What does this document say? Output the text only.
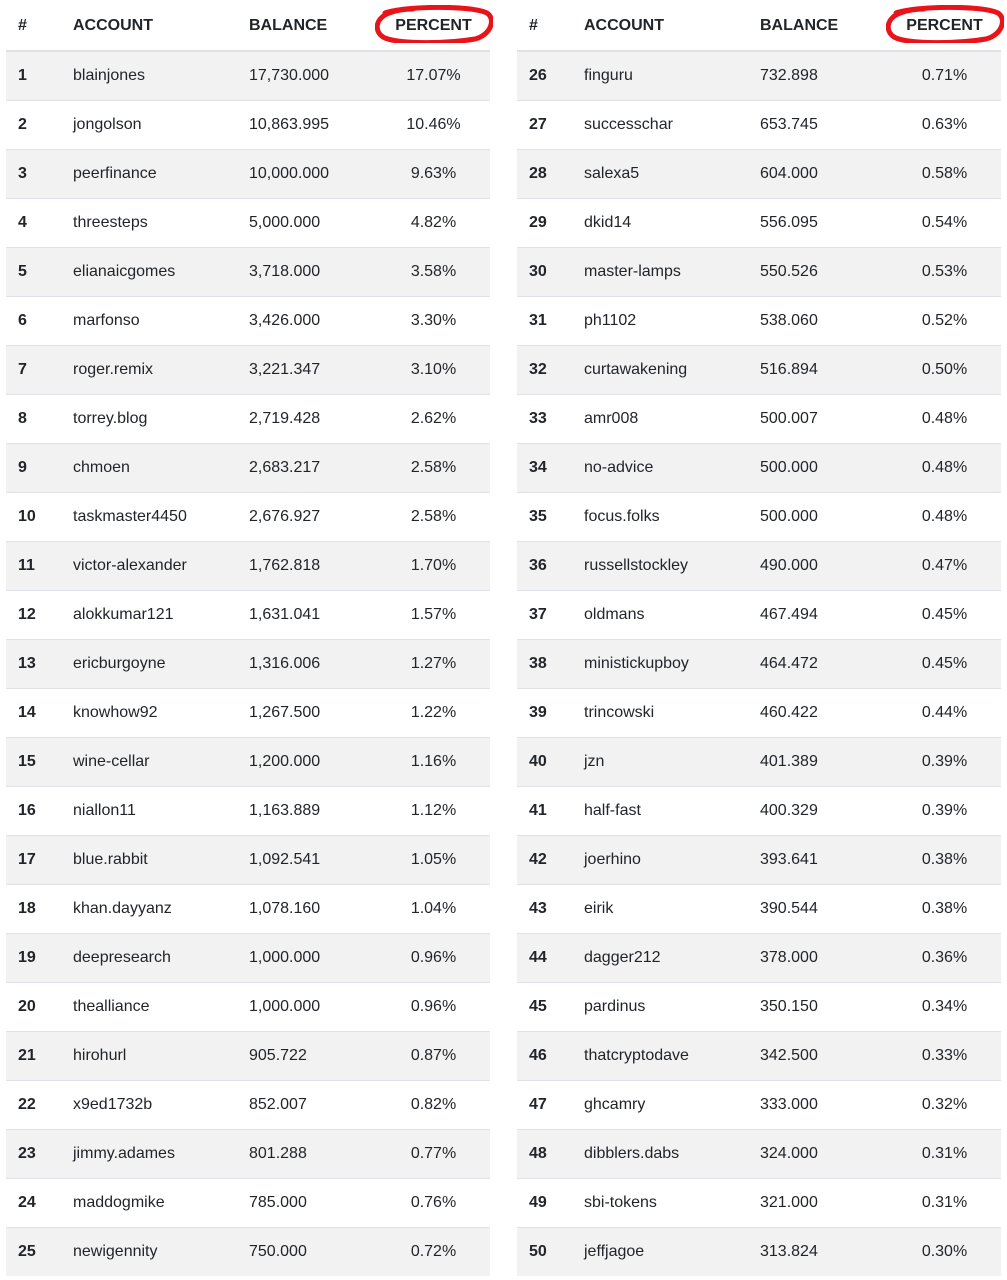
#	ACCOUNT	BALANCE	PERCENT

1	blainjones	17,730.000	17.07%
2	jongolson	10,863.995	10.46%
3	peerfinance	10,000.000	9.63%
4	threesteps	5,000.000	4.82%
5	elianaicgomes	3,718.000	3.58%
6	marfonso	3,426.000	3.30%
7	roger.remix	3,221.347	3.10%
8	torrey.blog	2,719.428	2.62%
9	chmoen	2,683.217	2.58%
10	taskmaster4450	2,676.927	2.58%
11	victor-alexander	1,762.818	1.70%
12	alokkumar121	1,631.041	1.57%
13	ericburgoyne	1,316.006	1.27%
14	knowhow92	1,267.500	1.22%
15	wine-cellar	1,200.000	1.16%
16	niallon11	1,163.889	1.12%
17	blue.rabbit	1,092.541	1.05%
18	khan.dayyanz	1,078.160	1.04%
19	deepresearch	1,000.000	0.96%
20	thealliance	1,000.000	0.96%
21	hirohurl	905.722	0.87%
22	x9ed1732b	852.007	0.82%
23	jimmy.adames	801.288	0.77%
24	maddogmike	785.000	0.76%
25	newigennity	750.000	0.72%
#	ACCOUNT	BALANCE	PERCENT

26	finguru	732.898	0.71%
27	successchar	653.745	0.63%
28	salexa5	604.000	0.58%
29	dkid14	556.095	0.54%
30	master-lamps	550.526	0.53%
31	ph1102	538.060	0.52%
32	curtawakening	516.894	0.50%
33	amr008	500.007	0.48%
34	no-advice	500.000	0.48%
35	focus.folks	500.000	0.48%
36	russellstockley	490.000	0.47%
37	oldmans	467.494	0.45%
38	ministickupboy	464.472	0.45%
39	trincowski	460.422	0.44%
40	jzn	401.389	0.39%
41	half-fast	400.329	0.39%
42	joerhino	393.641	0.38%
43	eirik	390.544	0.38%
44	dagger212	378.000	0.36%
45	pardinus	350.150	0.34%
46	thatcryptodave	342.500	0.33%
47	ghcamry	333.000	0.32%
48	dibblers.dabs	324.000	0.31%
49	sbi-tokens	321.000	0.31%
50	jeffjagoe	313.824	0.30%
